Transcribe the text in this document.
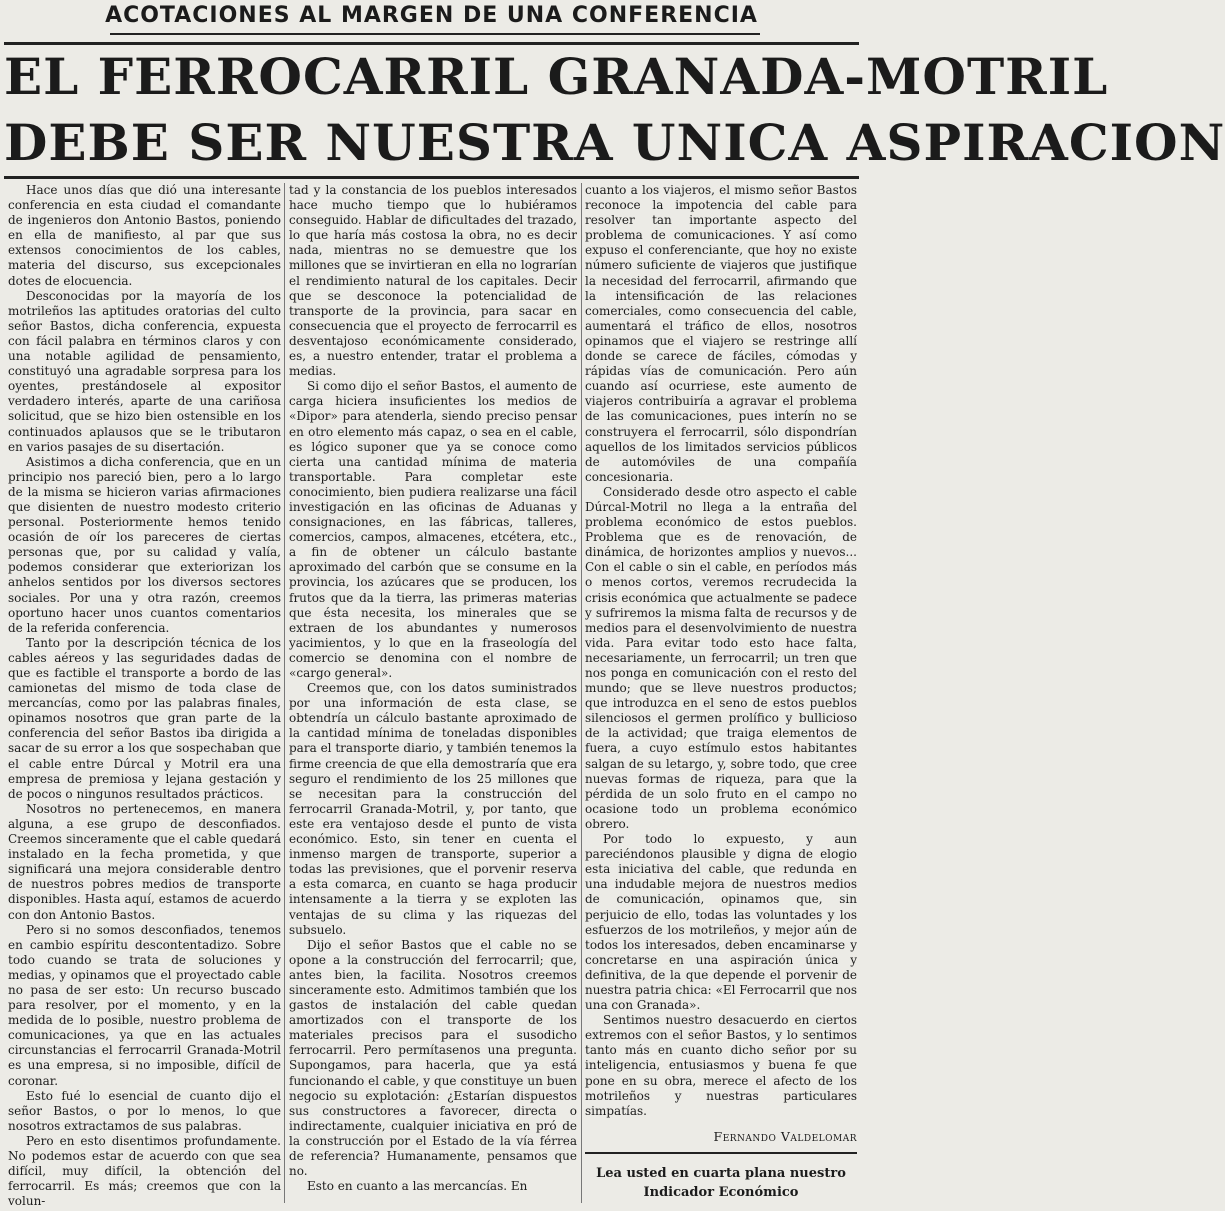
ACOTACIONES AL MARGEN DE UNA CONFERENCIA
EL FERROCARRIL GRANADA-MOTRIL
DEBE SER NUESTRA UNICA ASPIRACION

Hace unos días que dió una interesante conferencia en esta ciudad el comandante de ingenieros don Antonio Bastos, poniendo en ella de manifiesto, al par que sus extensos conocimientos de los cables, materia del discurso, sus excepcionales dotes de elocuencia.

Desconocidas por la mayoría de los motrileños las aptitudes oratorias del culto señor Bastos, dicha conferencia, expuesta con fácil palabra en términos claros y con una notable agilidad de pensamiento, constituyó una agradable sorpresa para los oyentes, prestándosele al expositor verdadero interés, aparte de una cariñosa solicitud, que se hizo bien ostensible en los continuados aplausos que se le tributaron en varios pasajes de su disertación.

Asistimos a dicha conferencia, que en un principio nos pareció bien, pero a lo largo de la misma se hicieron varias afirmaciones que disienten de nuestro modesto criterio personal. Posteriormente hemos tenido ocasión de oír los pareceres de ciertas personas que, por su calidad y valía, podemos considerar que exteriorizan los anhelos sentidos por los diversos sectores sociales. Por una y otra razón, creemos oportuno hacer unos cuantos comentarios de la referida conferencia.

Tanto por la descripción técnica de los cables aéreos y las seguridades dadas de que es factible el transporte a bordo de las camionetas del mismo de toda clase de mercancías, como por las palabras finales, opinamos nosotros que gran parte de la conferencia del señor Bastos iba dirigida a sacar de su error a los que sospechaban que el cable entre Dúrcal y Motril era una empresa de premiosa y lejana gestación y de pocos o ningunos resultados prácticos.

Nosotros no pertenecemos, en manera alguna, a ese grupo de desconfiados. Creemos sinceramente que el cable quedará instalado en la fecha prometida, y que significará una mejora considerable dentro de nuestros pobres medios de transporte disponibles. Hasta aquí, estamos de acuerdo con don Antonio Bastos.

Pero si no somos desconfiados, tenemos en cambio espíritu descontentadizo. Sobre todo cuando se trata de soluciones y medias, y opinamos que el proyectado cable no pasa de ser esto: Un recurso buscado para resolver, por el momento, y en la medida de lo posible, nuestro problema de comunicaciones, ya que en las actuales circunstancias el ferrocarril Granada-Motril es una empresa, si no imposible, difícil de coronar.

Esto fué lo esencial de cuanto dijo el señor Bastos, o por lo menos, lo que nosotros extractamos de sus palabras.

Pero en esto disentimos profundamente. No podemos estar de acuerdo con que sea difícil, muy difícil, la obtención del ferrocarril. Es más; creemos que con la volun-

tad y la constancia de los pueblos interesados hace mucho tiempo que lo hubiéramos conseguido. Hablar de dificultades del trazado, lo que haría más costosa la obra, no es decir nada, mientras no se demuestre que los millones que se invirtieran en ella no lograrían el rendimiento natural de los capitales. Decir que se desconoce la potencialidad de transporte de la provincia, para sacar en consecuencia que el proyecto de ferrocarril es desventajoso económicamente considerado, es, a nuestro entender, tratar el problema a medias.

Si como dijo el señor Bastos, el aumento de carga hiciera insuficientes los medios de «Dipor» para atenderla, siendo preciso pensar en otro elemento más capaz, o sea en el cable, es lógico suponer que ya se conoce como cierta una cantidad mínima de materia transportable. Para completar este conocimiento, bien pudiera realizarse una fácil investigación en las oficinas de Aduanas y consignaciones, en las fábricas, talleres, comercios, campos, almacenes, etcétera, etc., a fin de obtener un cálculo bastante aproximado del carbón que se consume en la provincia, los azúcares que se producen, los frutos que da la tierra, las primeras materias que ésta necesita, los minerales que se extraen de los abundantes y numerosos yacimientos, y lo que en la fraseología del comercio se denomina con el nombre de «cargo general».

Creemos que, con los datos suministrados por una información de esta clase, se obtendría un cálculo bastante aproximado de la cantidad mínima de toneladas disponibles para el transporte diario, y también tenemos la firme creencia de que ella demostraría que era seguro el rendimiento de los 25 millones que se necesitan para la construcción del ferrocarril Granada-Motril, y, por tanto, que este era ventajoso desde el punto de vista económico. Esto, sin tener en cuenta el inmenso margen de transporte, superior a todas las previsiones, que el porvenir reserva a esta comarca, en cuanto se haga producir intensamente a la tierra y se exploten las ventajas de su clima y las riquezas del subsuelo.

Dijo el señor Bastos que el cable no se opone a la construcción del ferrocarril; que, antes bien, la facilita. Nosotros creemos sinceramente esto. Admitimos también que los gastos de instalación del cable quedan amortizados con el transporte de los materiales precisos para el susodicho ferrocarril. Pero permítasenos una pregunta. Supongamos, para hacerla, que ya está funcionando el cable, y que constituye un buen negocio su explotación: ¿Estarían dispuestos sus constructores a favorecer, directa o indirectamente, cualquier iniciativa en pró de la construcción por el Estado de la vía férrea de referencia? Humanamente, pensamos que no.

Esto en cuanto a las mercancías. En

cuanto a los viajeros, el mismo señor Bastos reconoce la impotencia del cable para resolver tan importante aspecto del problema de comunicaciones. Y así como expuso el conferenciante, que hoy no existe número suficiente de viajeros que justifique la necesidad del ferrocarril, afirmando que la intensificación de las relaciones comerciales, como consecuencia del cable, aumentará el tráfico de ellos, nosotros opinamos que el viajero se restringe allí donde se carece de fáciles, cómodas y rápidas vías de comunicación. Pero aún cuando así ocurriese, este aumento de viajeros contribuiría a agravar el problema de las comunicaciones, pues interín no se construyera el ferrocarril, sólo dispondrían aquellos de los limitados servicios públicos de automóviles de una compañía concesionaria.

Considerado desde otro aspecto el cable Dúrcal-Motril no llega a la entraña del problema económico de estos pueblos. Problema que es de renovación, de dinámica, de horizontes amplios y nuevos... Con el cable o sin el cable, en períodos más o menos cortos, veremos recrudecida la crisis económica que actualmente se padece y sufriremos la misma falta de recursos y de medios para el desenvolvimiento de nuestra vida. Para evitar todo esto hace falta, necesariamente, un ferrocarril; un tren que nos ponga en comunicación con el resto del mundo; que se lleve nuestros productos; que introduzca en el seno de estos pueblos silenciosos el germen prolífico y bullicioso de la actividad; que traiga elementos de fuera, a cuyo estímulo estos habitantes salgan de su letargo, y, sobre todo, que cree nuevas formas de riqueza, para que la pérdida de un solo fruto en el campo no ocasione todo un problema económico obrero.

Por todo lo expuesto, y aun pareciéndonos plausible y digna de elogio esta iniciativa del cable, que redunda en una indudable mejora de nuestros medios de comunicación, opinamos que, sin perjuicio de ello, todas las voluntades y los esfuerzos de los motrileños, y mejor aún de todos los interesados, deben encaminarse y concretarse en una aspiración única y definitiva, de la que depende el porvenir de nuestra patria chica: «El Ferrocarril que nos una con Granada».

Sentimos nuestro desacuerdo en ciertos extremos con el señor Bastos, y lo sentimos tanto más en cuanto dicho señor por su inteligencia, entusiasmos y buena fe que pone en su obra, merece el afecto de los motrileños y nuestras particulares simpatías.

Fernando Valdelomar
Lea usted en cuarta plana nuestro
Indicador Económico
